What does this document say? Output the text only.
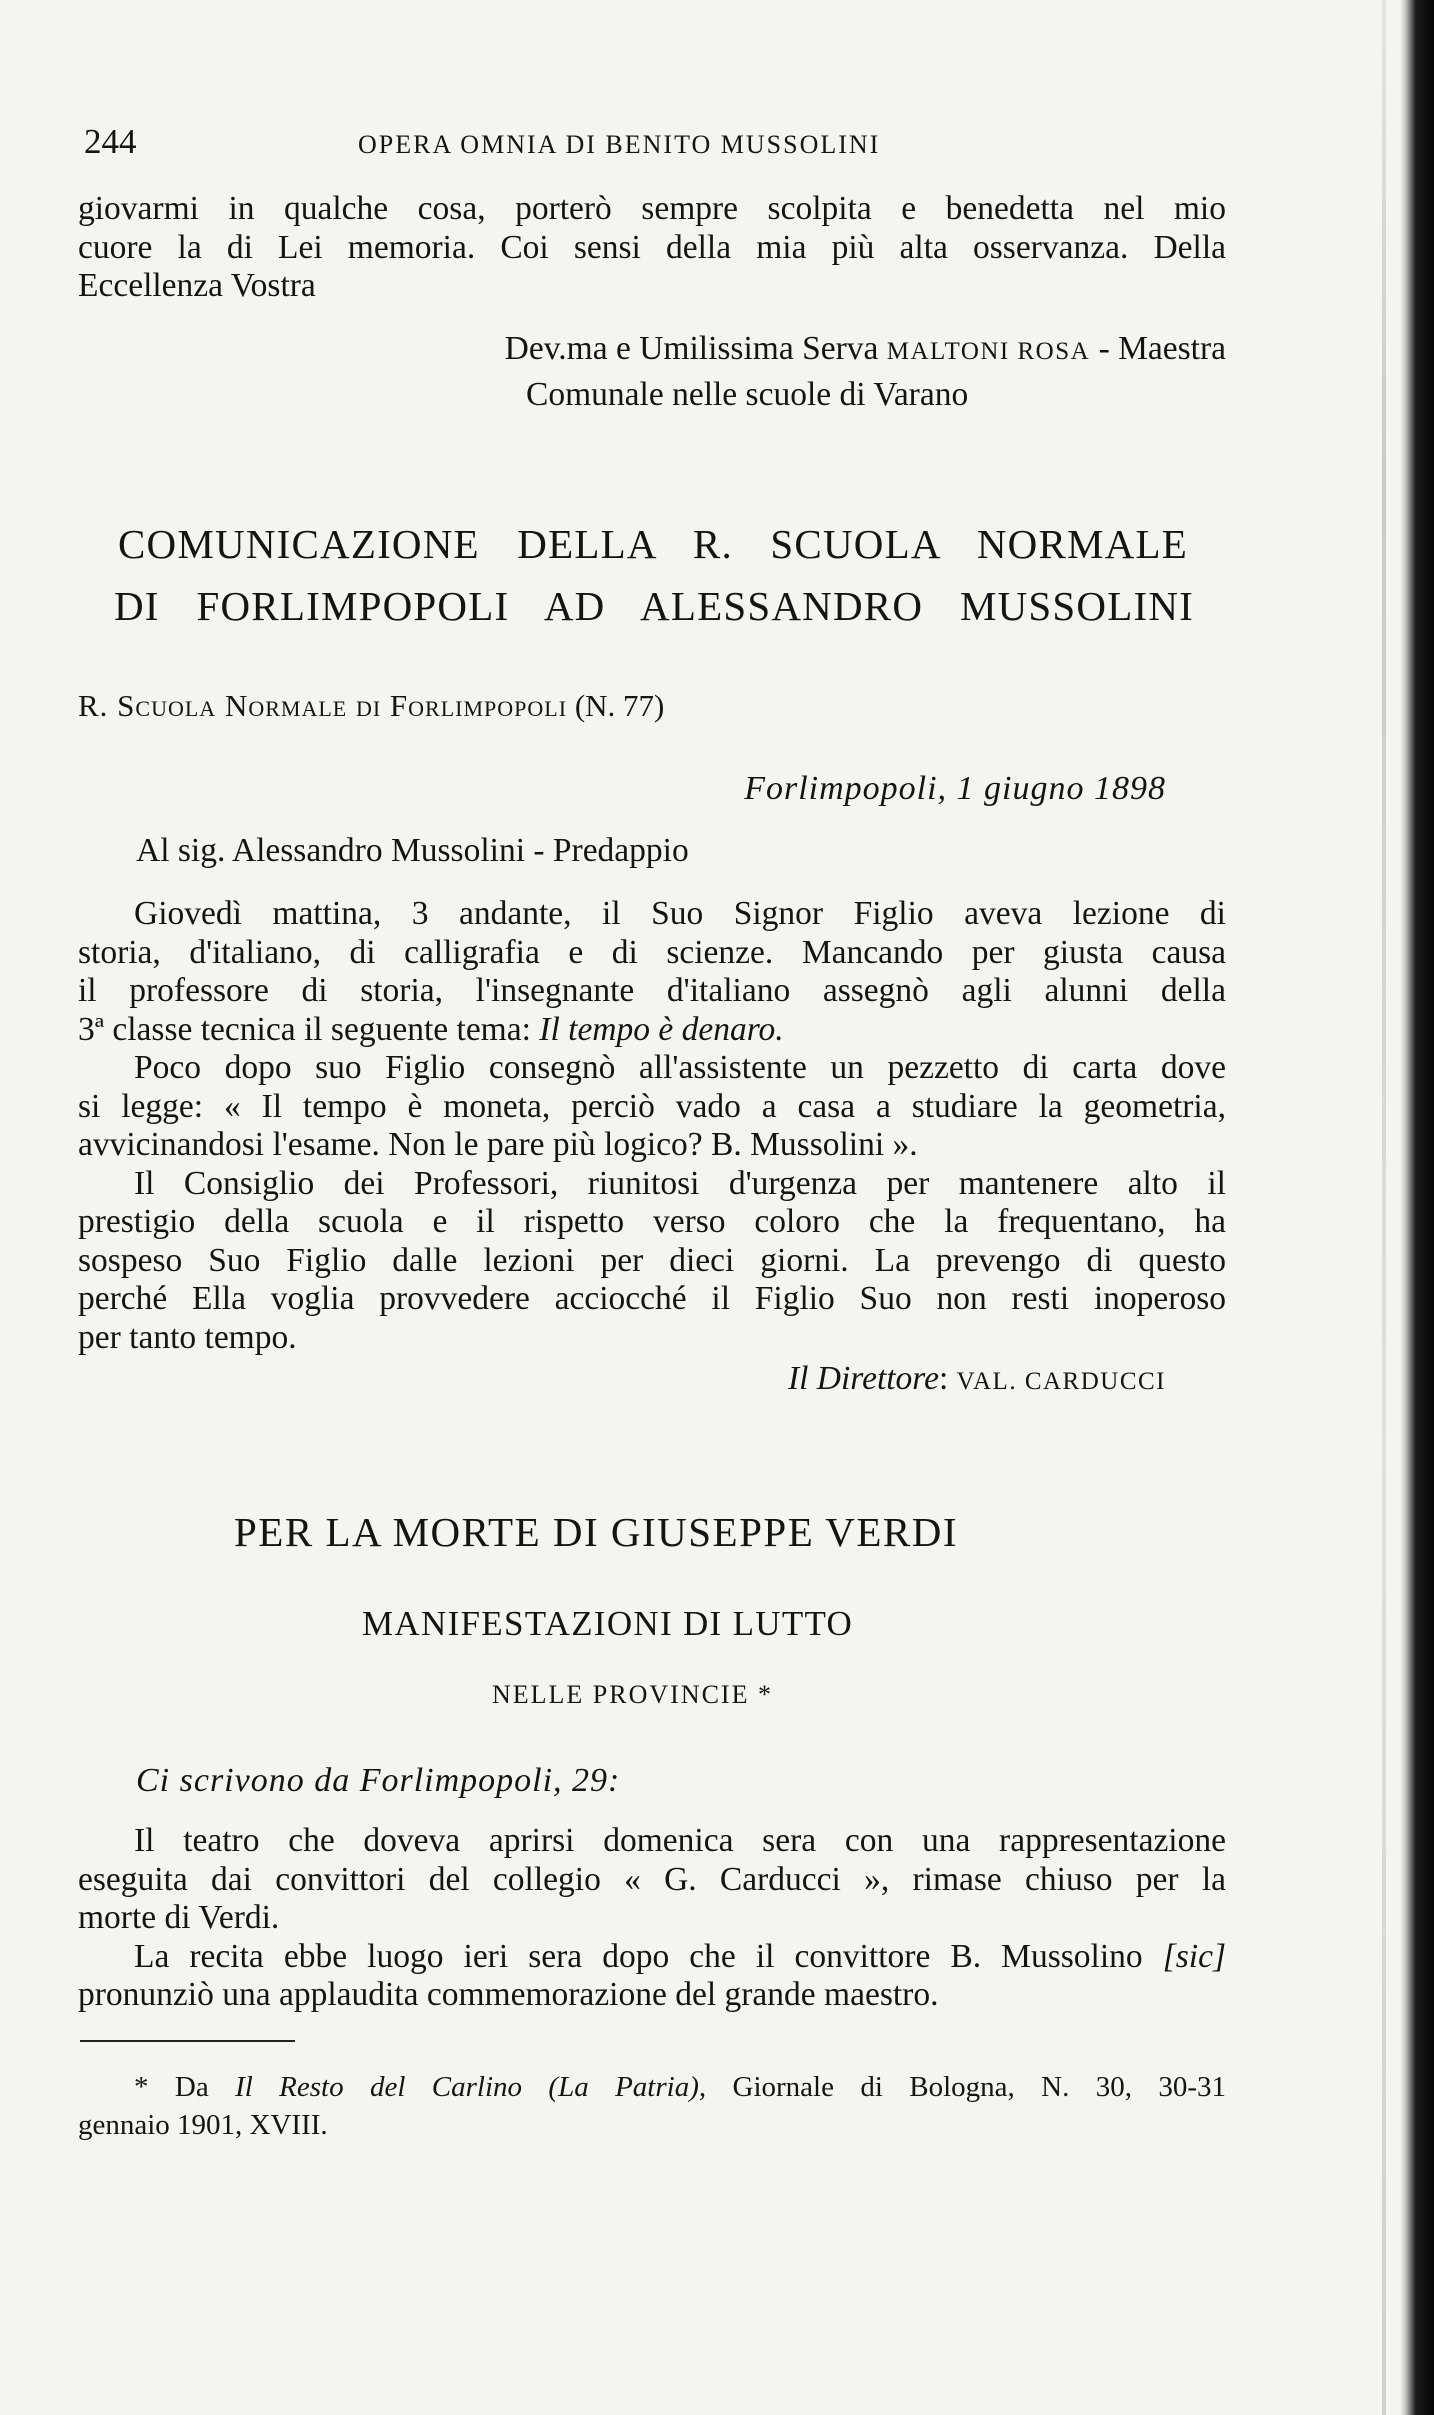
244	OPERA OMNIA DI BENITO MUSSOLINI
giovarmi in qualche cosa, porterò sempre scolpita e benedetta nel mio
cuore la di Lei memoria. Coi sensi della mia più alta osservanza. Della
Eccellenza Vostra
Dev.ma e Umilissima Serva MALTONI ROSA - Maestra
Comunale nelle scuole di Varano
COMUNICAZIONE DELLA R. SCUOLA NORMALE
DI FORLIMPOPOLI AD ALESSANDRO MUSSOLINI
R. Scuola Normale di Forlimpopoli (N. 77)
Forlimpopoli, 1 giugno 1898
Al sig. Alessandro Mussolini - Predappio
Giovedì mattina, 3 andante, il Suo Signor Figlio aveva lezione di
storia, d'italiano, di calligrafia e di scienze. Mancando per giusta causa
il professore di storia, l'insegnante d'italiano assegnò agli alunni della
3ª classe tecnica il seguente tema: Il tempo è denaro.
Poco dopo suo Figlio consegnò all'assistente un pezzetto di carta dove
si legge: « Il tempo è moneta, perciò vado a casa a studiare la geometria,
avvicinandosi l'esame. Non le pare più logico? B. Mussolini ».
Il Consiglio dei Professori, riunitosi d'urgenza per mantenere alto il
prestigio della scuola e il rispetto verso coloro che la frequentano, ha
sospeso Suo Figlio dalle lezioni per dieci giorni. La prevengo di questo
perché Ella voglia provvedere acciocché il Figlio Suo non resti inoperoso
per tanto tempo.
Il Direttore: VAL. CARDUCCI
PER LA MORTE DI GIUSEPPE VERDI
MANIFESTAZIONI DI LUTTO
NELLE PROVINCIE *
Ci scrivono da Forlimpopoli, 29:
Il teatro che doveva aprirsi domenica sera con una rappresentazione
eseguita dai convittori del collegio « G. Carducci », rimase chiuso per la
morte di Verdi.
La recita ebbe luogo ieri sera dopo che il convittore B. Mussolino [sic]
pronunziò una applaudita commemorazione del grande maestro.
* Da Il Resto del Carlino (La Patria), Giornale di Bologna, N. 30, 30-31
gennaio 1901, XVIII.
